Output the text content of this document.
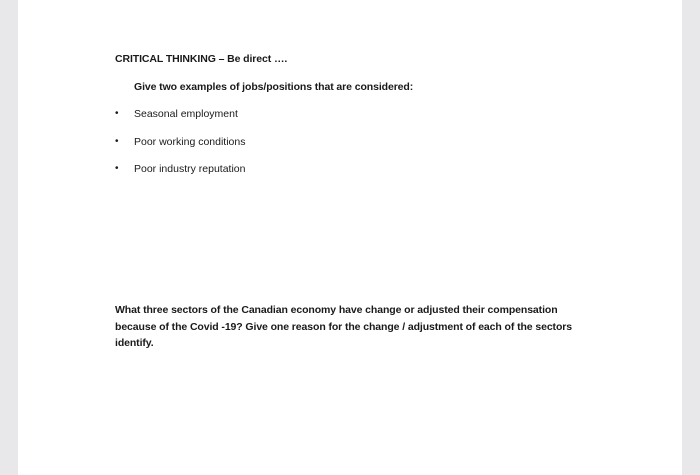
CRITICAL THINKING – Be direct ….
Give two examples of jobs/positions that are considered:
•	Seasonal employment
•	Poor working conditions
•	Poor industry reputation
What three sectors of the Canadian economy have change or adjusted their compensation because of the Covid -19? Give one reason for the change / adjustment of each of the sectors identify.
